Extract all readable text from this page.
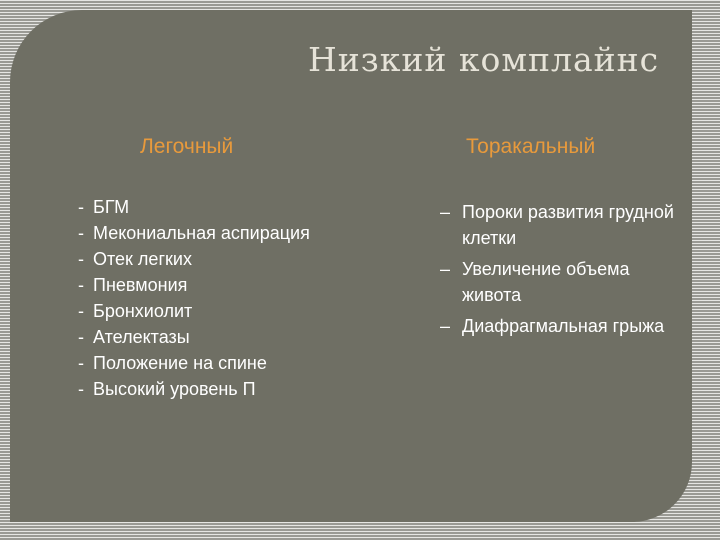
Низкий комплайнс
Легочный	Торакальный
- БГМ
- Мекониальная аспирация
- Отек легких
- Пневмония
- Бронхиолит
- Ателектазы
- Положение на спине
- Высокий уровень П
– Пороки развития грудной клетки
– Увеличение объема живота
– Диафрагмальная грыжа
